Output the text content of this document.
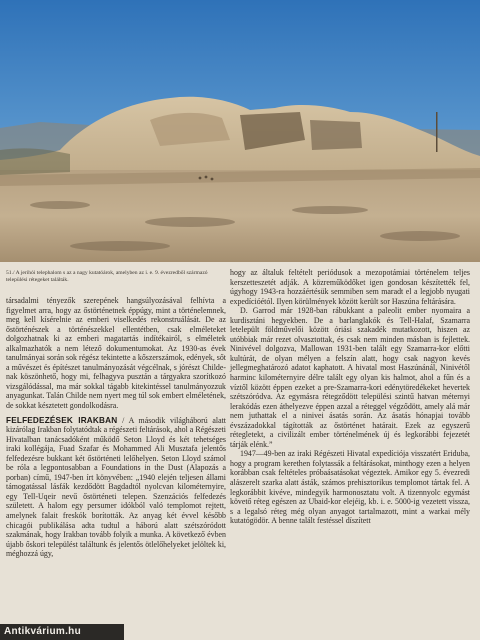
51./ A jerihói telephalom s az a nagy kutatóárok, amelyben az i. e. 9. évezredből származó települési rétegeket találták.

társadalmi tényezők szerepének hangsúlyozásával felhívta a figyelmet arra, hogy az őstörténetnek éppúgy, mint a történelemnek, meg kell kísérelnie az emberi viselkedés rekonstruálását. De az őstörténészek a történészekkel ellentétben, csak elméleteket dolgozhatnak ki az emberi magatartás indítékairól, s elméletek alkalmazhatók a nem létező dokumentumokat. Az 1930-as évek tanulmányai során sok régész tekintette a kőszerszámok, edények, sőt a művészet és építészet tanulmányozását végcélnak, s jórészt Childe-nak köszönhető, hogy mi, felhagyva pusztán a tárgyakra szorítkozó vizsgálódással, ma már sokkal tágabb kitekintéssel tanulmányozzuk anyagunkat. Talán Childe nem nyert meg túl sok embert elméletének, de sokkat késztetett gondolkodásra.

FELFEDEZÉSEK IRAKBAN / A második világháború alatt kizárólag Irakban folytatódtak a régészeti feltárások, ahol a Régészeti Hivatalban tanácsadóként működő Seton Lloyd és két tehetséges iraki kollégája, Fuad Szafar és Mohammed Ali Musztafa jelentős felfedezésre bukkant két őstörténeti lelőhelyen. Seton Lloyd számol be róla a legpontosabban a Foundations in the Dust (Alapozás a porban) című, 1947-ben írt könyvében: „1940 elején teljesen állami támogatással lásfák kezdődött Bagdadtól nyolcvan kilométernyire, egy Tell-Uqeir nevű őstörténeti telepen. Szenzációs felfedezés született. A halom egy persumer idókból való templomot rejtett, amelynek falait freskók borították. Az anyag két évvel később chicagói publikálása adta tudtul a háború alatt szétszóródott szakmának, hogy Irakban tovább folyik a munka. A következő évben újabb őskori települést találtunk és jelentős ötlelőhelyeket jelöltek ki, méghozzá úgy,

hogy az általuk feltételt periódusok a mezopotámiai történelem teljes kerszetteszetét adják. A közreműködőket igen gondosan készítették fel, úgyhogy 1943-ra hozzáértésük semmiben sem maradt el a legjobb nyugati expedícióétól. Ilyen körülmények között került sor Haszúna feltárására.

D. Garrod már 1928-ban rábukkant a paleolit ember nyomaira a kurdisztáni hegyekben. De a barlanglakók és Tell-Halaf, Szamarra letelepült földművelői között óriási szakadék mutatkozott, hiszen az utóbbiak már rezet olvasztottak, és csak nem minden másban is fejlettek. Ninivével dolgozva, Mallowan 1931-ben talált egy Szamarra-kor előtti kultúrát, de olyan mélyen a felszín alatt, hogy csak nagyon kevés jellegmeghatározó adatot kaphatott. A hivatal most Haszúnánál, Ninivétől harminc kilométernyire délre talált egy olyan kis halmot, ahol a fűn és a víztől között éppen ezeket a pre-Szamarra-kori edénytöredékeket hevertek szétszóródva. Az egymásra rétegződött települési szintű hatvan méternyi lerakódás ezen áthelyezve éppen azzal a réteggel végződött, amely alá már nem juthattak el a ninivei ásatás során. Az ásatás hónapjai tovább évszázadokkal tágították az őstörténet határait. Ezek az egyszerű rétegletekt, a civilizált ember történelmének új és legkorábbi fejezetét tárják elénk.”

1947—49-ben az iraki Régészeti Hivatal expedíciója visszatért Eriduba, hogy a program kerethen folytassák a feltárásokat, minthogy ezen a helyen korábban csak feltételes próbaásatásokat végeztek. Amikor egy 5. évezredi alászerelt szarka alatt ásták, számos prehisztorikus templomot tártak fel. A legkorábbit kivéve, mindegyik harmonosztatu volt. A tizennyolc egymást követő réteg egészen az Ubaid-kor elejéig, kb. i. e. 5000-ig vezetett vissza, s a legalsó réteg még olyan anyagot tartalmazott, mint a warkai mély kutatógödör. A benne talált festéssel díszített

Antikvárium.hu
